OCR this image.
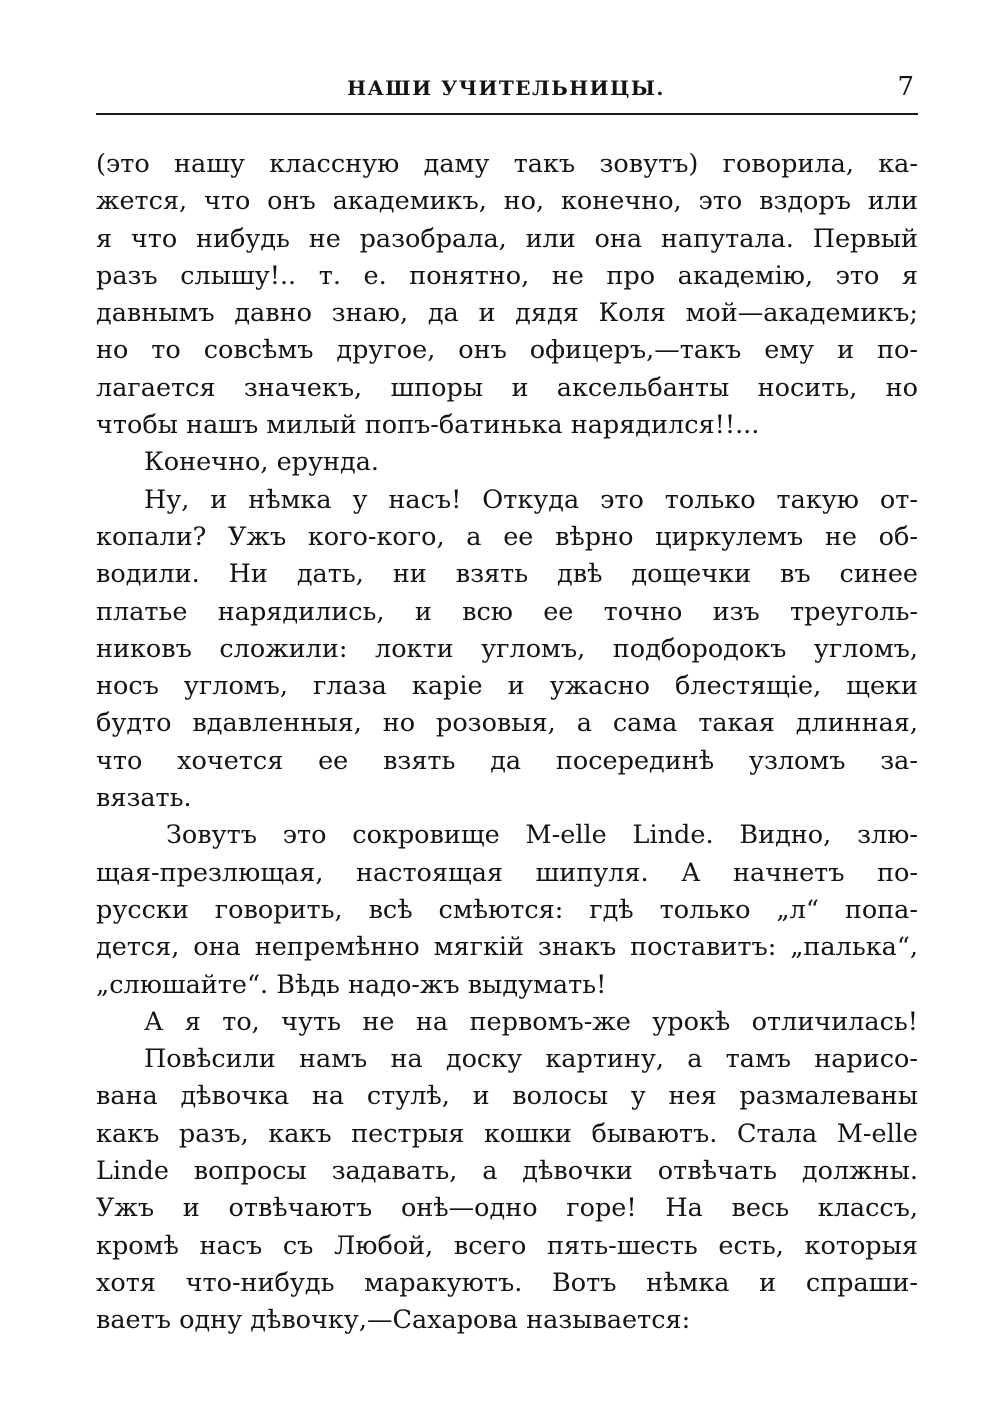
НАШИ УЧИТЕЛЬНИЦЫ.	7
(это нашу классную даму такъ зовутъ) говорила, ка-
жется, что онъ академикъ, но, конечно, это вздоръ или
я что нибудь не разобрала, или она напутала. Первый
разъ слышу!.. т. е. понятно, не про академію, это я
давнымъ давно знаю, да и дядя Коля мой—академикъ;
но то совсѣмъ другое, онъ офицеръ,—такъ ему и по-
лагается значекъ, шпоры и аксельбанты носить, но
чтобы нашъ милый попъ-батинька нарядился!!...
Конечно, ерунда.
Ну, и нѣмка у насъ! Откуда это только такую от-
копали? Ужъ кого-кого, а ее вѣрно циркулемъ не об-
водили. Ни дать, ни взять двѣ дощечки въ синее
платье нарядились, и всю ее точно изъ треуголь-
никовъ сложили: локти угломъ, подбородокъ угломъ,
носъ угломъ, глаза каріе и ужасно блестящіе, щеки
будто вдавленныя, но розовыя, а сама такая длинная,
что хочется ее взять да посерединѣ узломъ за-
вязать.
Зовутъ это сокровище M-elle Linde. Видно, злю-
щая-презлющая, настоящая шипуля. А начнетъ по-
русски говорить, всѣ смѣются: гдѣ только „л“ попа-
дется, она непремѣнно мягкій знакъ поставитъ: „палька“,
„слюшайте“. Вѣдь надо-жъ выдумать!
А я то, чуть не на первомъ-же урокѣ отличилась!
Повѣсили намъ на доску картину, а тамъ нарисо-
вана дѣвочка на стулѣ, и волосы у нея размалеваны
какъ разъ, какъ пестрыя кошки бываютъ. Стала M-elle
Linde вопросы задавать, а дѣвочки отвѣчать должны.
Ужъ и отвѣчаютъ онѣ—одно горе! На весь классъ,
кромѣ насъ съ Любой, всего пять-шесть есть, которыя
хотя что-нибудь маракуютъ. Вотъ нѣмка и спраши-
ваетъ одну дѣвочку,—Сахарова называется:
